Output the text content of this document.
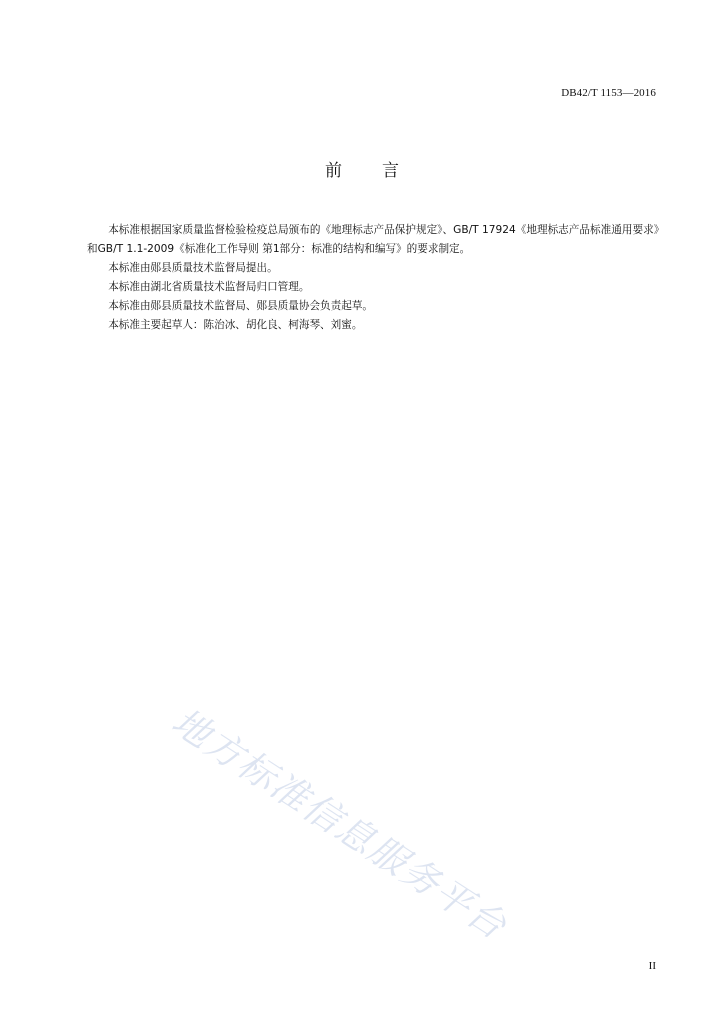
DB42/T 1153—2016
前 言

本标准根据国家质量监督检验检疫总局颁布的《地理标志产品保护规定》、GB/T 17924《地理标志产品标准通用要求》和GB/T 1.1-2009《标准化工作导则 第1部分：标准的结构和编写》的要求制定。

本标准由郧县质量技术监督局提出。

本标准由湖北省质量技术监督局归口管理。

本标准由郧县质量技术监督局、郧县质量协会负责起草。

本标准主要起草人：陈治冰、胡化良、柯海琴、刘蜜。

地方标准信息服务平台
II
